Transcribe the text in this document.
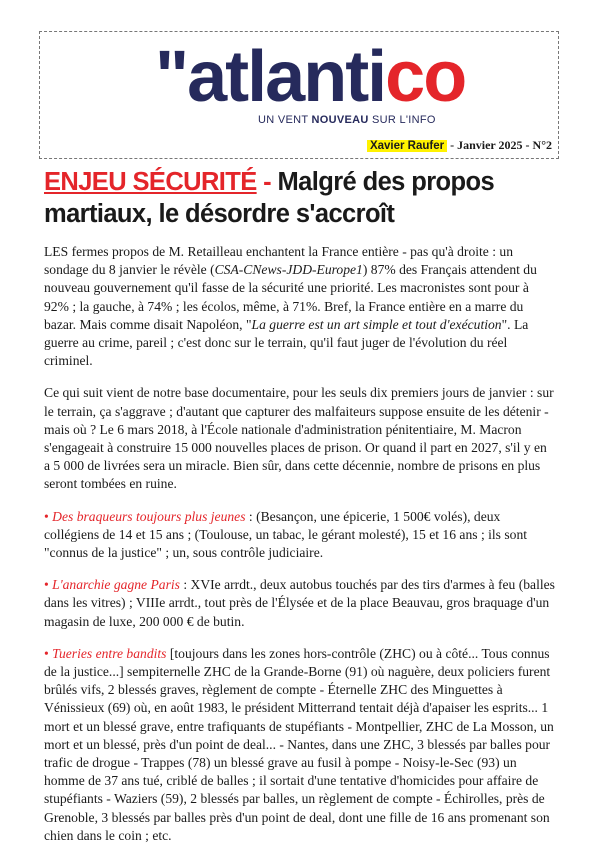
"atlantico
UN VENT NOUVEAU SUR L'INFO
Xavier Raufer - Janvier 2025 - N°2
ENJEU SÉCURITÉ - Malgré des propos martiaux, le désordre s'accroît

LES fermes propos de M. Retailleau enchantent la France entière - pas qu'à droite : un sondage du 8 janvier le révèle (CSA-CNews-JDD-Europe1) 87% des Français attendent du nouveau gouvernement qu'il fasse de la sécurité une priorité. Les macronistes sont pour à 92% ; la gauche, à 74% ; les écolos, même, à 71%. Bref, la France entière en a marre du bazar. Mais comme disait Napoléon, "La guerre est un art simple et tout d'exécution". La guerre au crime, pareil ; c'est donc sur le terrain, qu'il faut juger de l'évolution du réel criminel.

Ce qui suit vient de notre base documentaire, pour les seuls dix premiers jours de janvier : sur le terrain, ça s'aggrave ; d'autant que capturer des malfaiteurs suppose ensuite de les détenir - mais où ? Le 6 mars 2018, à l'École nationale d'administration pénitentiaire, M. Macron s'engageait à construire 15 000 nouvelles places de prison. Or quand il part en 2027, s'il y en a 5 000 de livrées sera un miracle. Bien sûr, dans cette décennie, nombre de prisons en plus seront tombées en ruine.

• Des braqueurs toujours plus jeunes : (Besançon, une épicerie, 1 500€ volés), deux collégiens de 14 et 15 ans ; (Toulouse, un tabac, le gérant molesté), 15 et 16 ans ; ils sont "connus de la justice" ; un, sous contrôle judiciaire.

• L'anarchie gagne Paris : XVIe arrdt., deux autobus touchés par des tirs d'armes à feu (balles dans les vitres) ; VIIIe arrdt., tout près de l'Élysée et de la place Beauvau, gros braquage d'un magasin de luxe, 200 000 € de butin.

• Tueries entre bandits [toujours dans les zones hors-contrôle (ZHC) ou à côté... Tous connus de la justice...] sempiternelle ZHC de la Grande-Borne (91) où naguère, deux policiers furent brûlés vifs, 2 blessés graves, règlement de compte - Éternelle ZHC des Minguettes à Vénissieux (69) où, en août 1983, le président Mitterrand tentait déjà d'apaiser les esprits... 1 mort et un blessé grave, entre trafiquants de stupéfiants - Montpellier, ZHC de La Mosson, un mort et un blessé, près d'un point de deal... - Nantes, dans une ZHC, 3 blessés par balles pour trafic de drogue - Trappes (78) un blessé grave au fusil à pompe - Noisy-le-Sec (93) un homme de 37 ans tué, criblé de balles ; il sortait d'une tentative d'homicides pour affaire de stupéfiants - Waziers (59), 2 blessés par balles, un règlement de compte - Échirolles, près de Grenoble, 3 blessés par balles près d'un point de deal, dont une fille de 16 ans promenant son chien dans le coin ; etc.
